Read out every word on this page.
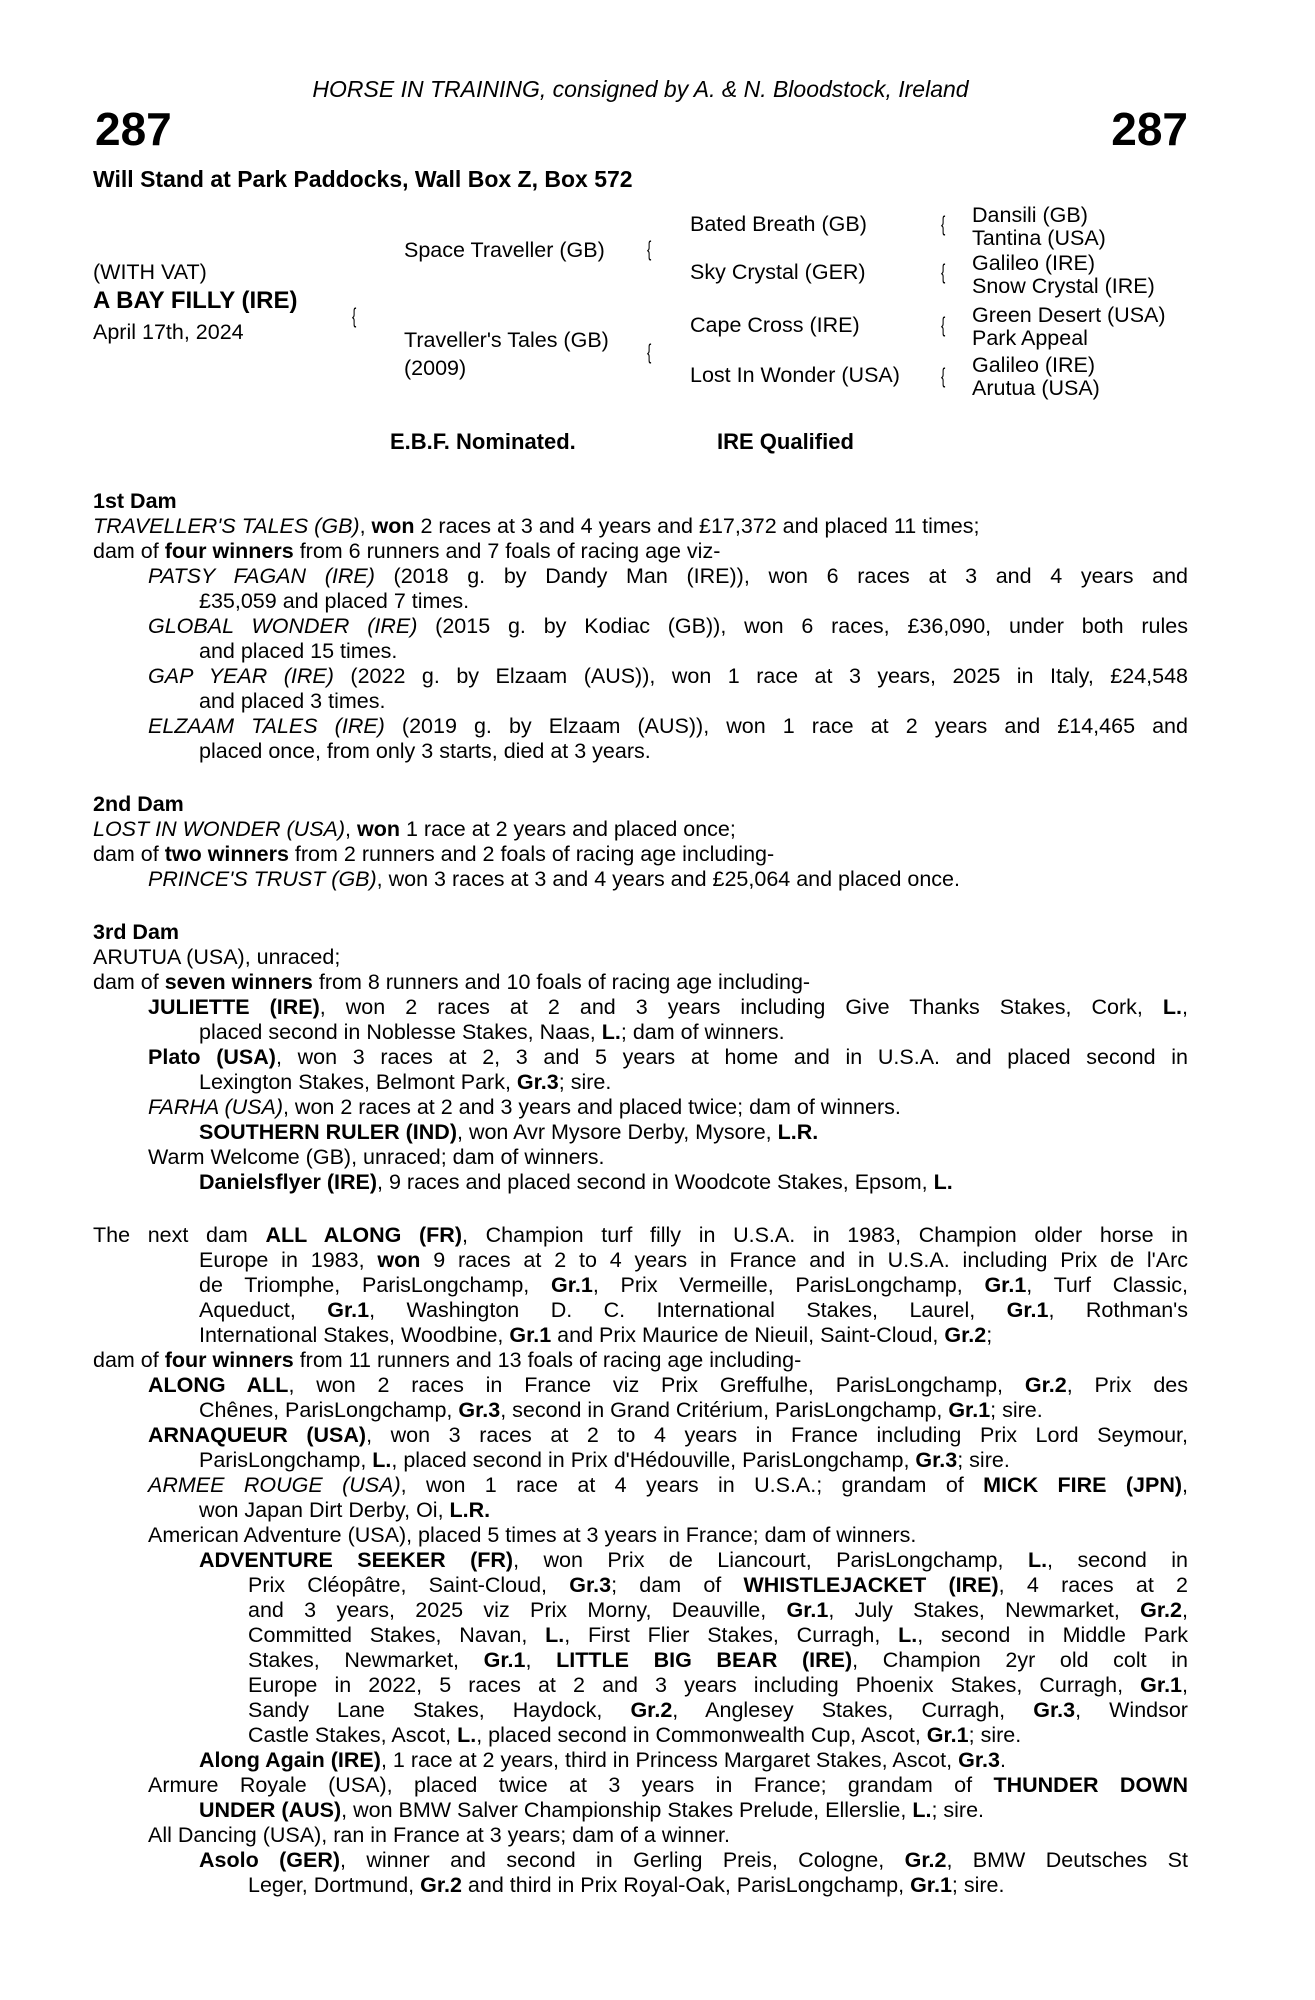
HORSE IN TRAINING, consigned by A. & N. Bloodstock, Ireland
287	287
Will Stand at Park Paddocks, Wall Box Z, Box 572
(WITH VAT)
A BAY FILLY (IRE)
April 17th, 2024
{
Space Traveller (GB)
Traveller's Tales (GB)
(2009)
{
{
Bated Breath (GB)
Sky Crystal (GER)
Cape Cross (IRE)
Lost In Wonder (USA)
{
{
{
{
Dansili (GB)
Tantina (USA)
Galileo (IRE)
Snow Crystal (IRE)
Green Desert (USA)
Park Appeal
Galileo (IRE)
Arutua (USA)
E.B.F. Nominated.	IRE Qualified
1st Dam
TRAVELLER'S TALES (GB), won 2 races at 3 and 4 years and £17,372 and placed 11 times;
dam of four winners from 6 runners and 7 foals of racing age viz-
PATSY FAGAN (IRE) (2018 g. by Dandy Man (IRE)), won 6 races at 3 and 4 years and
£35,059 and placed 7 times.
GLOBAL WONDER (IRE) (2015 g. by Kodiac (GB)), won 6 races, £36,090, under both rules
and placed 15 times.
GAP YEAR (IRE) (2022 g. by Elzaam (AUS)), won 1 race at 3 years, 2025 in Italy, £24,548
and placed 3 times.
ELZAAM TALES (IRE) (2019 g. by Elzaam (AUS)), won 1 race at 2 years and £14,465 and
placed once, from only 3 starts, died at 3 years.
2nd Dam
LOST IN WONDER (USA), won 1 race at 2 years and placed once;
dam of two winners from 2 runners and 2 foals of racing age including-
PRINCE'S TRUST (GB), won 3 races at 3 and 4 years and £25,064 and placed once.
3rd Dam
ARUTUA (USA), unraced;
dam of seven winners from 8 runners and 10 foals of racing age including-
JULIETTE (IRE), won 2 races at 2 and 3 years including Give Thanks Stakes, Cork, L.,
placed second in Noblesse Stakes, Naas, L.; dam of winners.
Plato (USA), won 3 races at 2, 3 and 5 years at home and in U.S.A. and placed second in
Lexington Stakes, Belmont Park, Gr.3; sire.
FARHA (USA), won 2 races at 2 and 3 years and placed twice; dam of winners.
SOUTHERN RULER (IND), won Avr Mysore Derby, Mysore, L.R.
Warm Welcome (GB), unraced; dam of winners.
Danielsflyer (IRE), 9 races and placed second in Woodcote Stakes, Epsom, L.
The next dam ALL ALONG (FR), Champion turf filly in U.S.A. in 1983, Champion older horse in
Europe in 1983, won 9 races at 2 to 4 years in France and in U.S.A. including Prix de l'Arc
de Triomphe, ParisLongchamp, Gr.1, Prix Vermeille, ParisLongchamp, Gr.1, Turf Classic,
Aqueduct, Gr.1, Washington D. C. International Stakes, Laurel, Gr.1, Rothman's
International Stakes, Woodbine, Gr.1 and Prix Maurice de Nieuil, Saint-Cloud, Gr.2;
dam of four winners from 11 runners and 13 foals of racing age including-
ALONG ALL, won 2 races in France viz Prix Greffulhe, ParisLongchamp, Gr.2, Prix des
Chênes, ParisLongchamp, Gr.3, second in Grand Critérium, ParisLongchamp, Gr.1; sire.
ARNAQUEUR (USA), won 3 races at 2 to 4 years in France including Prix Lord Seymour,
ParisLongchamp, L., placed second in Prix d'Hédouville, ParisLongchamp, Gr.3; sire.
ARMEE ROUGE (USA), won 1 race at 4 years in U.S.A.; grandam of MICK FIRE (JPN),
won Japan Dirt Derby, Oi, L.R.
American Adventure (USA), placed 5 times at 3 years in France; dam of winners.
ADVENTURE SEEKER (FR), won Prix de Liancourt, ParisLongchamp, L., second in
Prix Cléopâtre, Saint-Cloud, Gr.3; dam of WHISTLEJACKET (IRE), 4 races at 2
and 3 years, 2025 viz Prix Morny, Deauville, Gr.1, July Stakes, Newmarket, Gr.2,
Committed Stakes, Navan, L., First Flier Stakes, Curragh, L., second in Middle Park
Stakes, Newmarket, Gr.1, LITTLE BIG BEAR (IRE), Champion 2yr old colt in
Europe in 2022, 5 races at 2 and 3 years including Phoenix Stakes, Curragh, Gr.1,
Sandy Lane Stakes, Haydock, Gr.2, Anglesey Stakes, Curragh, Gr.3, Windsor
Castle Stakes, Ascot, L., placed second in Commonwealth Cup, Ascot, Gr.1; sire.
Along Again (IRE), 1 race at 2 years, third in Princess Margaret Stakes, Ascot, Gr.3.
Armure Royale (USA), placed twice at 3 years in France; grandam of THUNDER DOWN
UNDER (AUS), won BMW Salver Championship Stakes Prelude, Ellerslie, L.; sire.
All Dancing (USA), ran in France at 3 years; dam of a winner.
Asolo (GER), winner and second in Gerling Preis, Cologne, Gr.2, BMW Deutsches St
Leger, Dortmund, Gr.2 and third in Prix Royal-Oak, ParisLongchamp, Gr.1; sire.
